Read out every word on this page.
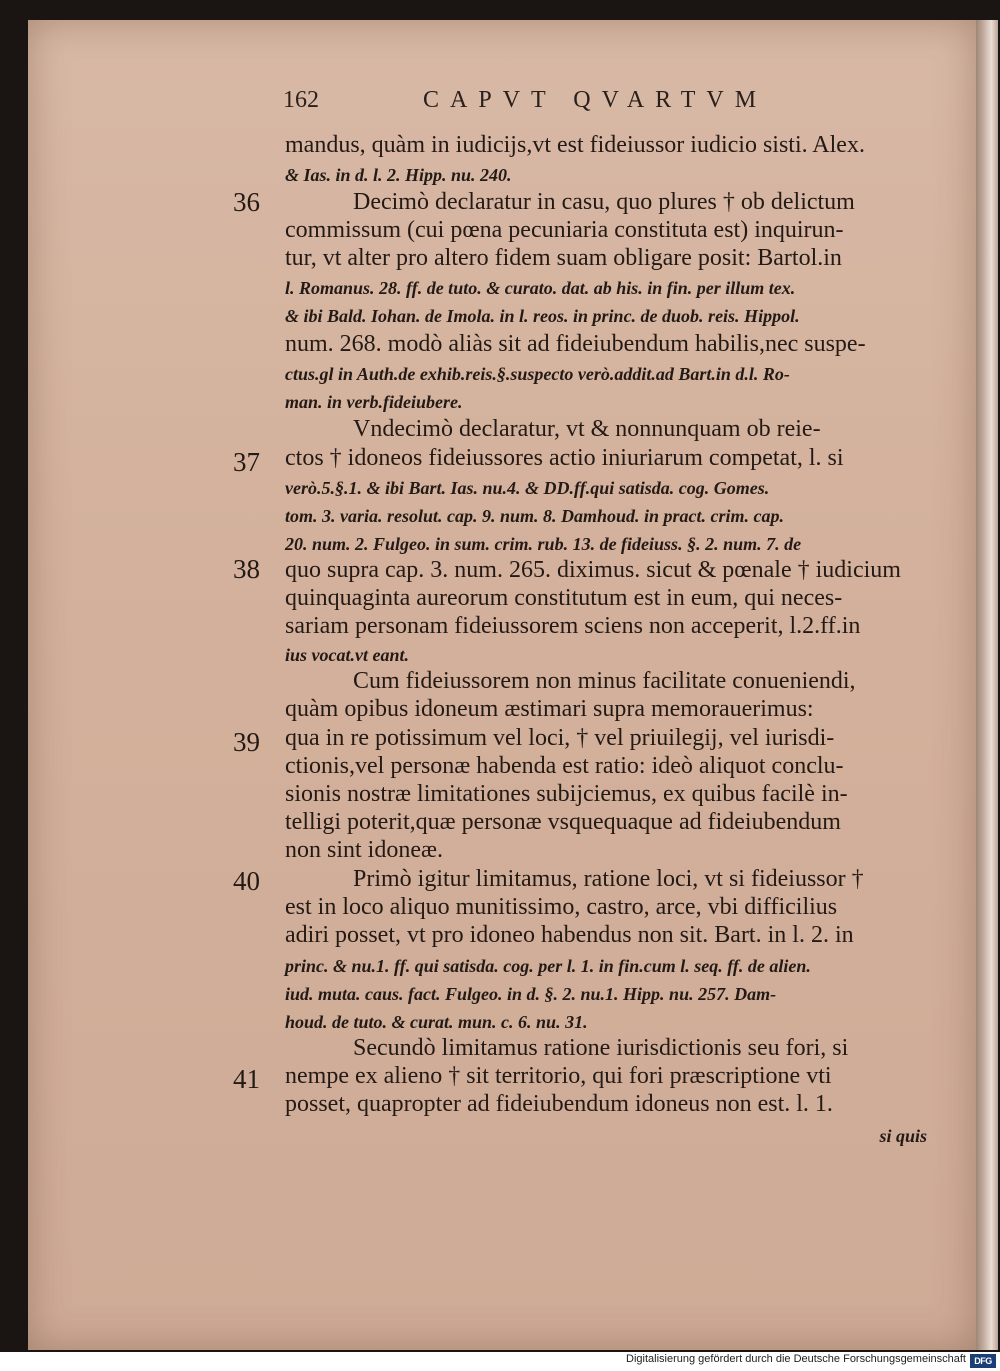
162	CAPVT QVARTVM
36
37
38
39
40
41
mandus, quàm in iudicijs,vt est fideiussor iudicio sisti. Alex.
& Ias. in d. l. 2. Hipp. nu. 240.
Decimò declaratur in casu, quo plures † ob delictum
commissum (cui pœna pecuniaria constituta est) inquirun-
tur, vt alter pro altero fidem suam obligare posit: Bartol.in
l. Romanus. 28. ff. de tuto. & curato. dat. ab his. in fin. per illum tex.
& ibi Bald. Iohan. de Imola. in l. reos. in princ. de duob. reis. Hippol.
num. 268. modò aliàs sit ad fideiubendum habilis,nec suspe-
ctus.gl in Auth.de exhib.reis.§.suspecto verò.addit.ad Bart.in d.l. Ro-
man. in verb.fideiubere.
Vndecimò declaratur, vt & nonnunquam ob reie-
ctos † idoneos fideiussores actio iniuriarum competat, l. si
verò.5.§.1. & ibi Bart. Ias. nu.4. & DD.ff.qui satisda. cog. Gomes.
tom. 3. varia. resolut. cap. 9. num. 8. Damhoud. in pract. crim. cap.
20. num. 2. Fulgeo. in sum. crim. rub. 13. de fideiuss. §. 2. num. 7. de
quo supra cap. 3. num. 265. diximus. sicut & pœnale † iudicium
quinquaginta aureorum constitutum est in eum, qui neces-
sariam personam fideiussorem sciens non acceperit, l.2.ff.in
ius vocat.vt eant.
Cum fideiussorem non minus facilitate conueniendi,
quàm opibus idoneum æstimari supra memorauerimus:
qua in re potissimum vel loci, † vel priuilegij, vel iurisdi-
ctionis,vel personæ habenda est ratio: ideò aliquot conclu-
sionis nostræ limitationes subijciemus, ex quibus facilè in-
telligi poterit,quæ personæ vsquequaque ad fideiubendum
non sint idoneæ.
Primò igitur limitamus, ratione loci, vt si fideiussor †
est in loco aliquo munitissimo, castro, arce, vbi difficilius
adiri posset, vt pro idoneo habendus non sit. Bart. in l. 2. in
princ. & nu.1. ff. qui satisda. cog. per l. 1. in fin.cum l. seq. ff. de alien.
iud. muta. caus. fact. Fulgeo. in d. §. 2. nu.1. Hipp. nu. 257. Dam-
houd. de tuto. & curat. mun. c. 6. nu. 31.
Secundò limitamus ratione iurisdictionis seu fori, si
nempe ex alieno † sit territorio, qui fori præscriptione vti
posset, quapropter ad fideiubendum idoneus non est. l. 1.
si quis
Digitalisierung gefördert durch die Deutsche Forschungsgemeinschaft DFG
